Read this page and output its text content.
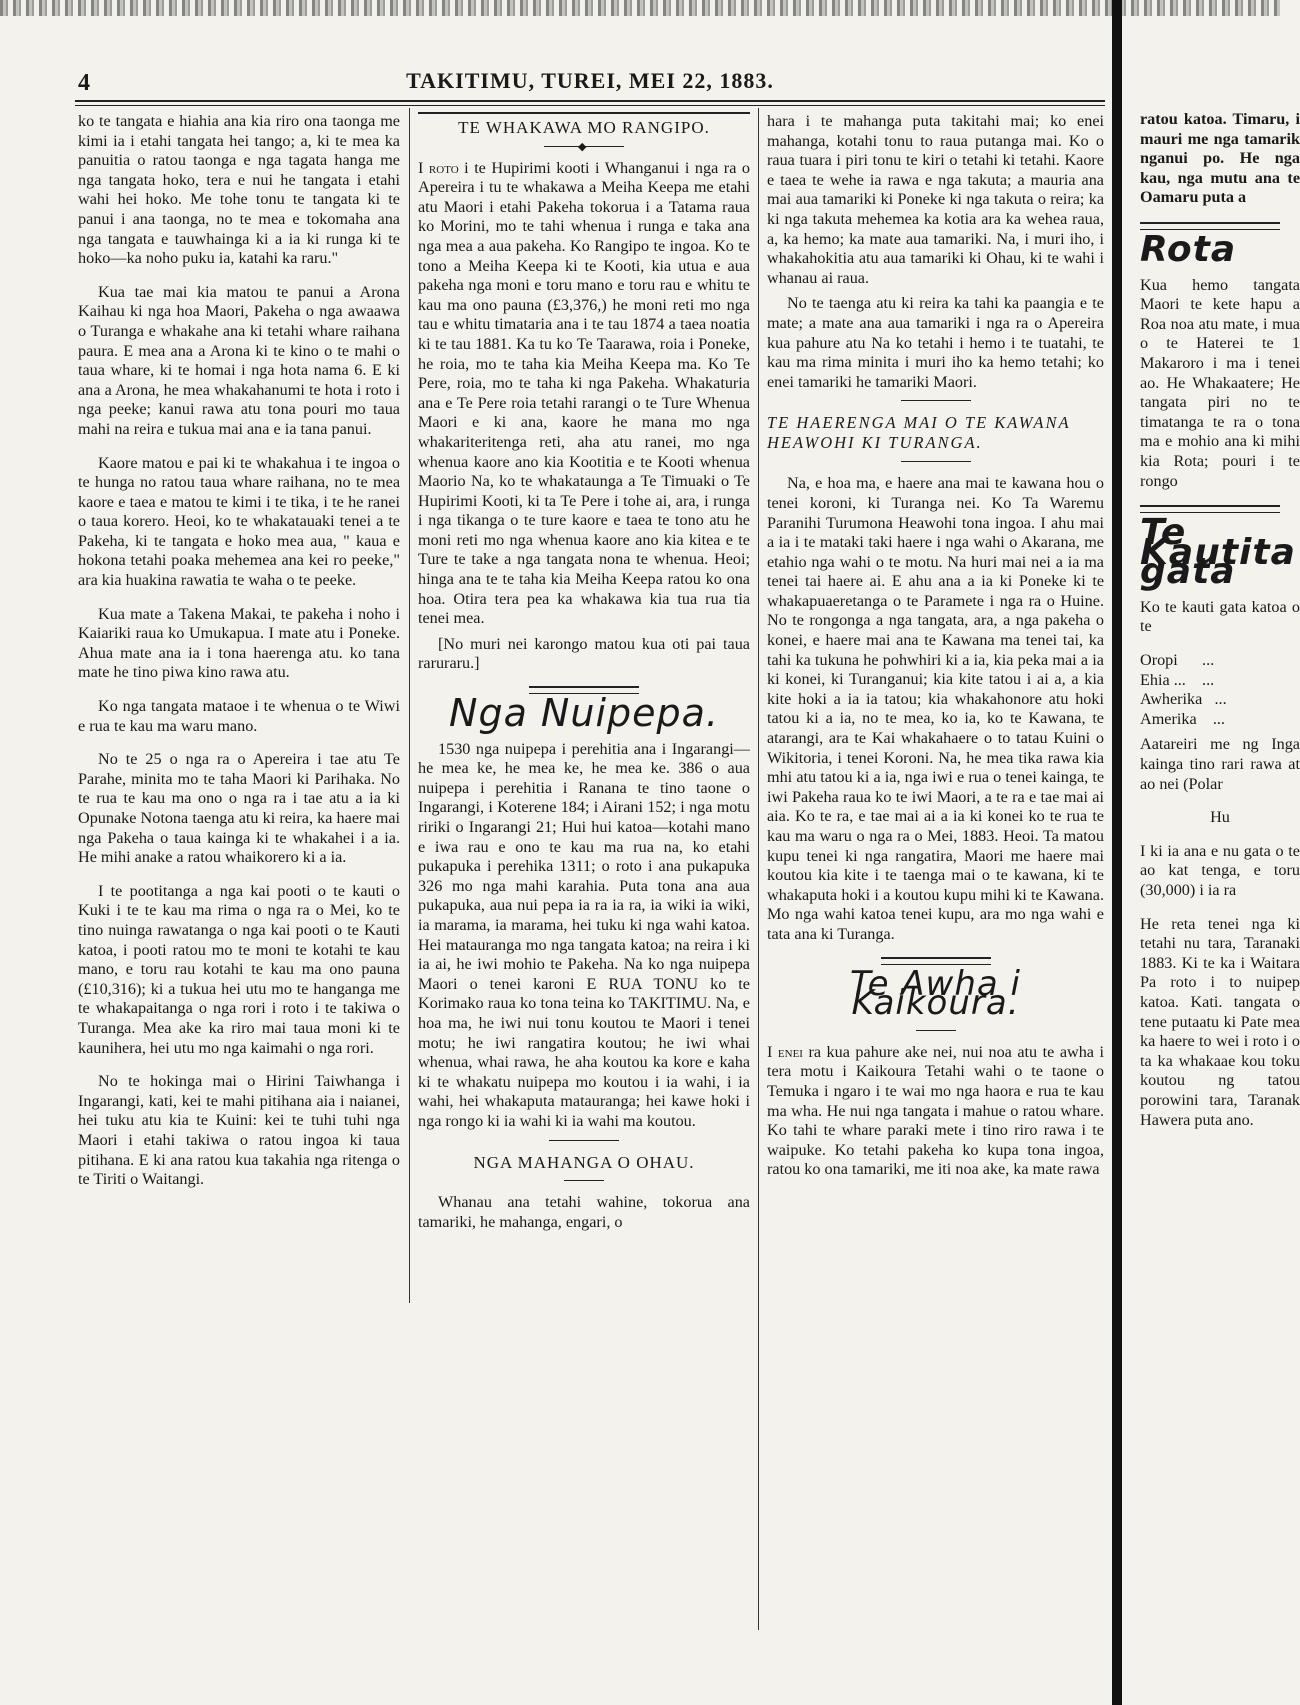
4	TAKITIMU, TUREI, MEI 22, 1883.

ko te tangata e hiahia ana kia riro ona taonga me kimi ia i etahi tangata hei tango; a, ki te mea ka panuitia o ratou taonga e nga tagata hanga me nga tangata hoko, tera e nui he tangata i etahi wahi hei hoko. Me tohe tonu te tangata ki te panui i ana taonga, no te mea e tokomaha ana nga tangata e tauwhainga ki a ia ki runga ki te hoko—ka noho puku ia, katahi ka raru."

Kua tae mai kia matou te panui a Arona Kaihau ki nga hoa Maori, Pakeha o nga awaawa o Turanga e whakahe ana ki tetahi whare raihana paura. E mea ana a Arona ki te kino o te mahi o taua whare, ki te homai i nga hota nama 6. E ki ana a Arona, he mea whakahanumi te hota i roto i nga peeke; kanui rawa atu tona pouri mo taua mahi na reira e tukua mai ana e ia tana panui.

Kaore matou e pai ki te whakahua i te ingoa o te hunga no ratou taua whare raihana, no te mea kaore e taea e matou te kimi i te tika, i te he ranei o taua korero. Heoi, ko te whakatauaki tenei a te Pakeha, ki te tangata e hoko mea aua, " kaua e hokona tetahi poaka mehemea ana kei ro peeke," ara kia huakina rawatia te waha o te peeke.

Kua mate a Takena Makai, te pakeha i noho i Kaiariki raua ko Umukapua. I mate atu i Poneke. Ahua mate ana ia i tona haerenga atu. ko tana mate he tino piwa kino rawa atu.

Ko nga tangata mataoe i te whenua o te Wiwi e rua te kau ma waru mano.

No te 25 o nga ra o Apereira i tae atu Te Parahe, minita mo te taha Maori ki Parihaka. No te rua te kau ma ono o nga ra i tae atu a ia ki Opunake Notona taenga atu ki reira, ka haere mai nga Pakeha o taua kainga ki te whakahei i a ia. He mihi anake a ratou whaikorero ki a ia.

I te pootitanga a nga kai pooti o te kauti o Kuki i te te kau ma rima o nga ra o Mei, ko te tino nuinga rawatanga o nga kai pooti o te Kauti katoa, i pooti ratou mo te moni te kotahi te kau mano, e toru rau kotahi te kau ma ono pauna (£10,316); ki a tukua hei utu mo te hanganga me te whakapaitanga o nga rori i roto i te takiwa o Turanga. Mea ake ka riro mai taua moni ki te kaunihera, hei utu mo nga kaimahi o nga rori.

No te hokinga mai o Hirini Taiwhanga i Ingarangi, kati, kei te mahi pitihana aia i naianei, hei tuku atu kia te Kuini: kei te tuhi tuhi nga Maori i etahi takiwa o ratou ingoa ki taua pitihana. E ki ana ratou kua takahia nga ritenga o te Tiriti o Waitangi.

TE WHAKAWA MO RANGIPO.
◆

I roto i te Hupirimi kooti i Whanganui i nga ra o Apereira i tu te whakawa a Meiha Keepa me etahi atu Maori i etahi Pakeha tokorua i a Tatama raua ko Morini, mo te tahi whenua i runga e taka ana nga mea a aua pakeha. Ko Rangipo te ingoa. Ko te tono a Meiha Keepa ki te Kooti, kia utua e aua pakeha nga moni e toru mano e toru rau e whitu te kau ma ono pauna (£3,376,) he moni reti mo nga tau e whitu timataria ana i te tau 1874 a taea noatia ki te tau 1881. Ka tu ko Te Taarawa, roia i Poneke, he roia, mo te taha kia Meiha Keepa ma. Ko Te Pere, roia, mo te taha ki nga Pakeha. Whakaturia ana e Te Pere roia tetahi rarangi o te Ture Whenua Maori e ki ana, kaore he mana mo nga whakariteritenga reti, aha atu ranei, mo nga whenua kaore ano kia Kootitia e te Kooti whenua Maorio Na, ko te whakataunga a Te Timuaki o Te Hupirimi Kooti, ki ta Te Pere i tohe ai, ara, i runga i nga tikanga o te ture kaore e taea te tono atu he moni reti mo nga whenua kaore ano kia kitea e te Ture te take a nga tangata nona te whenua. Heoi; hinga ana te te taha kia Meiha Keepa ratou ko ona hoa. Otira tera pea ka whakawa kia tua rua tia tenei mea.

[No muri nei karongo matou kua oti pai taua raruraru.]

Nga Nuipepa.

1530 nga nuipepa i perehitia ana i Ingarangi—he mea ke, he mea ke, he mea ke. 386 o aua nuipepa i perehitia i Ranana te tino taone o Ingarangi, i Koterene 184; i Airani 152; i nga motu ririki o Ingarangi 21; Hui hui katoa—kotahi mano e iwa rau e ono te kau ma rua na, ko etahi pukapuka i perehika 1311; o roto i ana pukapuka 326 mo nga mahi karahia. Puta tona ana aua pukapuka, aua nui pepa ia ra ia ra, ia wiki ia wiki, ia marama, ia marama, hei tuku ki nga wahi katoa. Hei matauranga mo nga tangata katoa; na reira i ki ia ai, he iwi mohio te Pakeha. Na ko nga nuipepa Maori o tenei karoni E RUA TONU ko te Korimako raua ko tona teina ko TAKITIMU. Na, e hoa ma, he iwi nui tonu koutou te Maori i tenei motu; he iwi rangatira koutou; he iwi whai whenua, whai rawa, he aha koutou ka kore e kaha ki te whakatu nuipepa mo koutou i ia wahi, i ia wahi, hei whakaputa matauranga; hei kawe hoki i nga rongo ki ia wahi ki ia wahi ma koutou.

NGA MAHANGA O OHAU.

Whanau ana tetahi wahine, tokorua ana tamariki, he mahanga, engari, o

hara i te mahanga puta takitahi mai; ko enei mahanga, kotahi tonu to raua putanga mai. Ko o raua tuara i piri tonu te kiri o tetahi ki tetahi. Kaore e taea te wehe ia rawa e nga takuta; a mauria ana mai aua tamariki ki Poneke ki nga takuta o reira; ka ki nga takuta mehemea ka kotia ara ka wehea raua, a, ka hemo; ka mate aua tamariki. Na, i muri iho, i whakahokitia atu aua tamariki ki Ohau, ki te wahi i whanau ai raua.

No te taenga atu ki reira ka tahi ka paangia e te mate; a mate ana aua tamariki i nga ra o Apereira kua pahure atu Na ko tetahi i hemo i te tuatahi, te kau ma rima minita i muri iho ka hemo tetahi; ko enei tamariki he tamariki Maori.

TE HAERENGA MAI O TE KAWANA HEAWOHI KI TURANGA.

Na, e hoa ma, e haere ana mai te kawana hou o tenei koroni, ki Turanga nei. Ko Ta Waremu Paranihi Turumona Heawohi tona ingoa. I ahu mai a ia i te mataki taki haere i nga wahi o Akarana, me etahio nga wahi o te motu. Na huri mai nei a ia ma tenei tai haere ai. E ahu ana a ia ki Poneke ki te whakapuaeretanga o te Paramete i nga ra o Huine. No te rongonga a nga tangata, ara, a nga pakeha o konei, e haere mai ana te Kawana ma tenei tai, ka tahi ka tukuna he pohwhiri ki a ia, kia peka mai a ia ki konei, ki Turanganui; kia kite tatou i ai a, a kia kite hoki a ia ia tatou; kia whakahonore atu hoki tatou ki a ia, no te mea, ko ia, ko te Kawana, te atarangi, ara te Kai whakahaere o to tatau Kuini o Wikitoria, i tenei Koroni. Na, he mea tika rawa kia mhi atu tatou ki a ia, nga iwi e rua o tenei kainga, te iwi Pakeha raua ko te iwi Maori, a te ra e tae mai ai aia. Ko te ra, e tae mai ai a ia ki konei ko te rua te kau ma waru o nga ra o Mei, 1883. Heoi. Ta matou kupu tenei ki nga rangatira, Maori me haere mai koutou kia kite i te taenga mai o te kawana, ki te whakaputa hoki i a koutou kupu mihi ki te Kawana. Mo nga wahi katoa tenei kupu, ara mo nga wahi e tata ana ki Turanga.

Te Awha i Kaikoura.

I enei ra kua pahure ake nei, nui noa atu te awha i tera motu i Kaikoura Tetahi wahi o te taone o Temuka i ngaro i te wai mo nga haora e rua te kau ma wha. He nui nga tangata i mahue o ratou whare. Ko tahi te whare paraki mete i tino riro rawa i te waipuke. Ko tetahi pakeha ko kupa tona ingoa, ratou ko ona tamariki, me iti noa ake, ka mate rawa

ratou katoa. Timaru, i mauri me nga tamarik nganui po. He nga kau, nga mutu ana te Oamaru puta a

Rota

Kua hemo tangata Maori te kete hapu a Roa noa atu mate, i mua o te Haterei te 1 Makaroro i ma i tenei ao. He Whakaatere; He tangata piri no te timatanga te ra o tona ma e mohio ana ki mihi kia Rota; pouri i te rongo

Te Kautita gata

Ko te kauti gata katoa o te

Oropi      ...
Ehia ...    ...
Awherika   ...
Amerika    ...

Aatareiri me ng Inga kainga tino rari rawa at ao nei (Polar

Hu

I ki ia ana e nu gata o te ao kat tenga, e toru (30,000) i ia ra

He reta tenei nga ki tetahi nu tara, Taranaki 1883. Ki te ka i Waitara Pa roto i to nuipep katoa. Kati. tangata o tene putaatu ki Pate mea ka haere to wei i roto i o ta ka whakaae kou toku koutou ng tatou porowini tara, Taranak Hawera puta ano.
